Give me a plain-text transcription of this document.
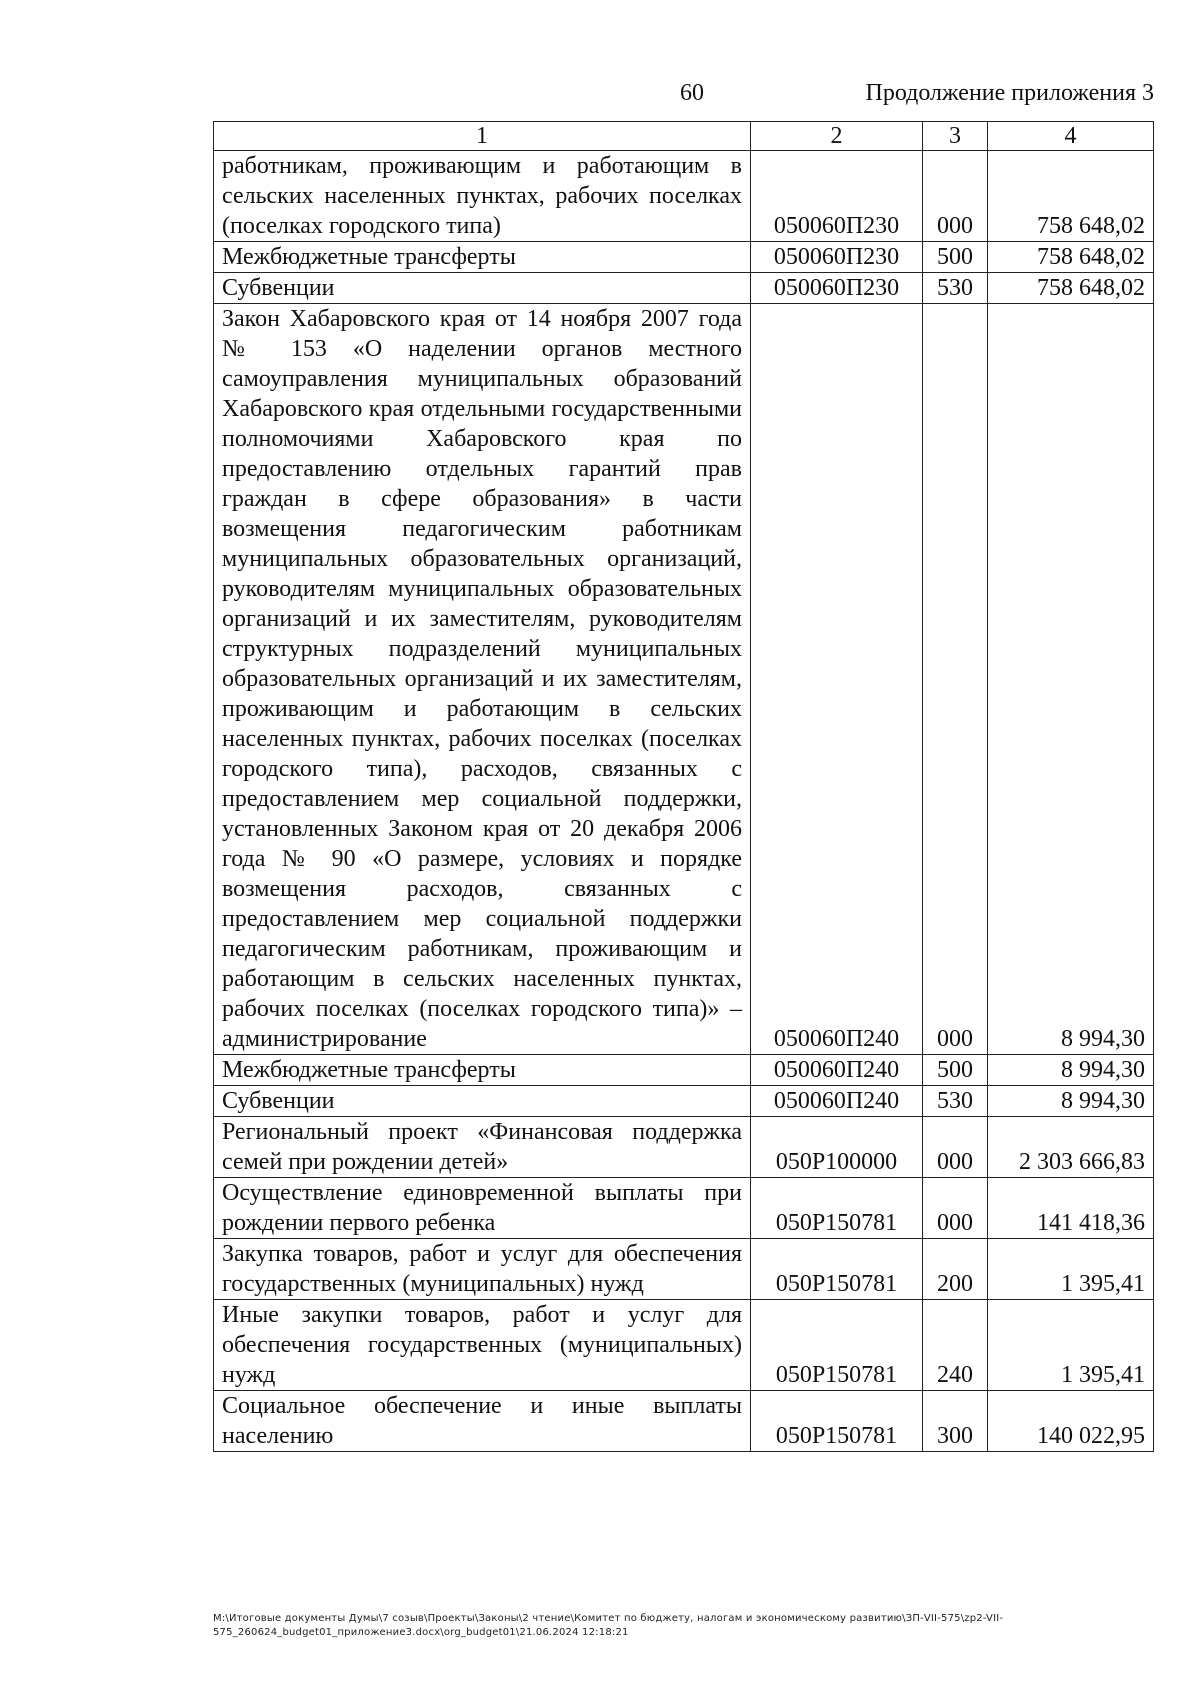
60	Продолжение приложения 3
1	2	3	4
работникам, проживающим и работающим в сельских населенных пунктах, рабочих поселках (поселках городского типа)	050060П230	000	758 648,02
Межбюджетные трансферты	050060П230	500	758 648,02
Субвенции	050060П230	530	758 648,02
Закон Хабаровского края от 14 ноября 2007 года № 153 «О наделении органов местного самоуправления муниципальных образований Хабаровского края отдельными государственными полномочиями Хабаровского края по предоставлению отдельных гарантий прав граждан в сфере образования» в части возмещения педагогическим работникам муниципальных образовательных организаций, руководителям муниципальных образовательных организаций и их заместителям, руководителям структурных подразделений муниципальных образовательных организаций и их заместителям, проживающим и работающим в сельских населенных пунктах, рабочих поселках (поселках городского типа), расходов, связанных с предоставлением мер социальной поддержки, установленных Законом края от 20 декабря 2006 года № 90 «О размере, условиях и порядке возмещения расходов, связанных с предоставлением мер социальной поддержки педагогическим работникам, проживающим и работающим в сельских населенных пунктах, рабочих поселках (поселках городского типа)» – администрирование	050060П240	000	8 994,30
Межбюджетные трансферты	050060П240	500	8 994,30
Субвенции	050060П240	530	8 994,30
Региональный проект «Финансовая поддержка семей при рождении детей»	050Р100000	000	2 303 666,83
Осуществление единовременной выплаты при рождении первого ребенка	050Р150781	000	141 418,36
Закупка товаров, работ и услуг для обеспечения государственных (муниципальных) нужд	050Р150781	200	1 395,41
Иные закупки товаров, работ и услуг для обеспечения государственных (муниципальных) нужд	050Р150781	240	1 395,41
Социальное обеспечение и иные выплаты населению	050Р150781	300	140 022,95
М:\Итоговые документы Думы\7 созыв\Проекты\Законы\2 чтение\Комитет по бюджету, налогам и экономическому развитию\ЗП-VII-575\zp2-VII-575_260624_budget01_приложение3.docx\org_budget01\21.06.2024 12:18:21
